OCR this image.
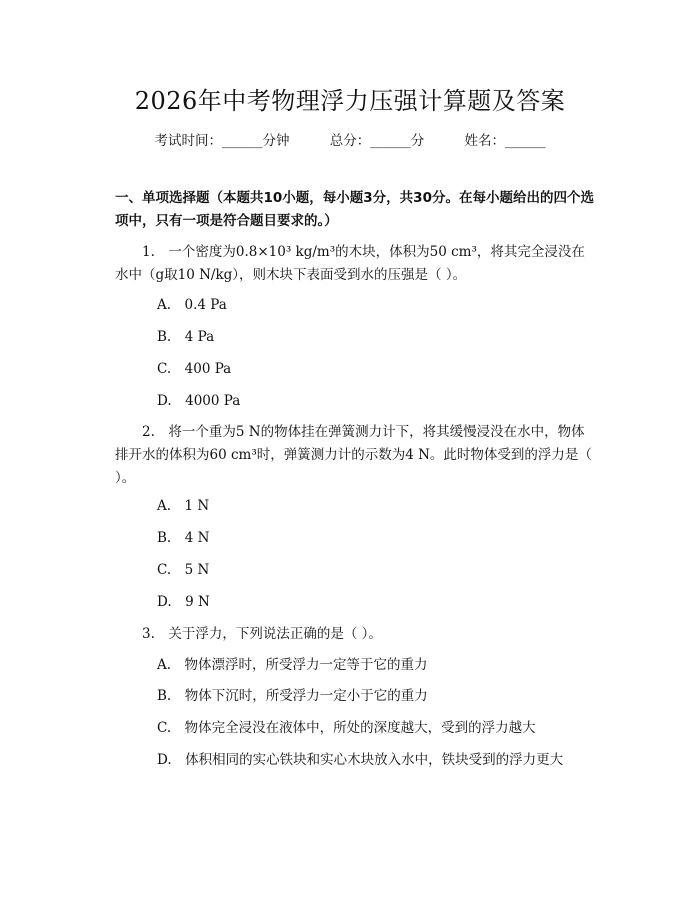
2026年中考物理浮力压强计算题及答案
考试时间：______分钟	总分：______分	姓名：______
一、单项选择题（本题共10小题，每小题3分，共30分。在每小题给出的四个选项中，只有一项是符合题目要求的。）
1.　一个密度为0.8×10³ kg/m³的木块，体积为50 cm³，将其完全浸没在水中（g取10 N/kg），则木块下表面受到水的压强是（ ）。
A.　0.4 Pa
B.　4 Pa
C.　400 Pa
D.　4000 Pa
2.　将一个重为5 N的物体挂在弹簧测力计下，将其缓慢浸没在水中，物体排开水的体积为60 cm³时，弹簧测力计的示数为4 N。此时物体受到的浮力是（ ）。
A.　1 N
B.　4 N
C.　5 N
D.　9 N
3.　关于浮力，下列说法正确的是（ ）。
A.　物体漂浮时，所受浮力一定等于它的重力
B.　物体下沉时，所受浮力一定小于它的重力
C.　物体完全浸没在液体中，所处的深度越大，受到的浮力越大
D.　体积相同的实心铁块和实心木块放入水中，铁块受到的浮力更大
